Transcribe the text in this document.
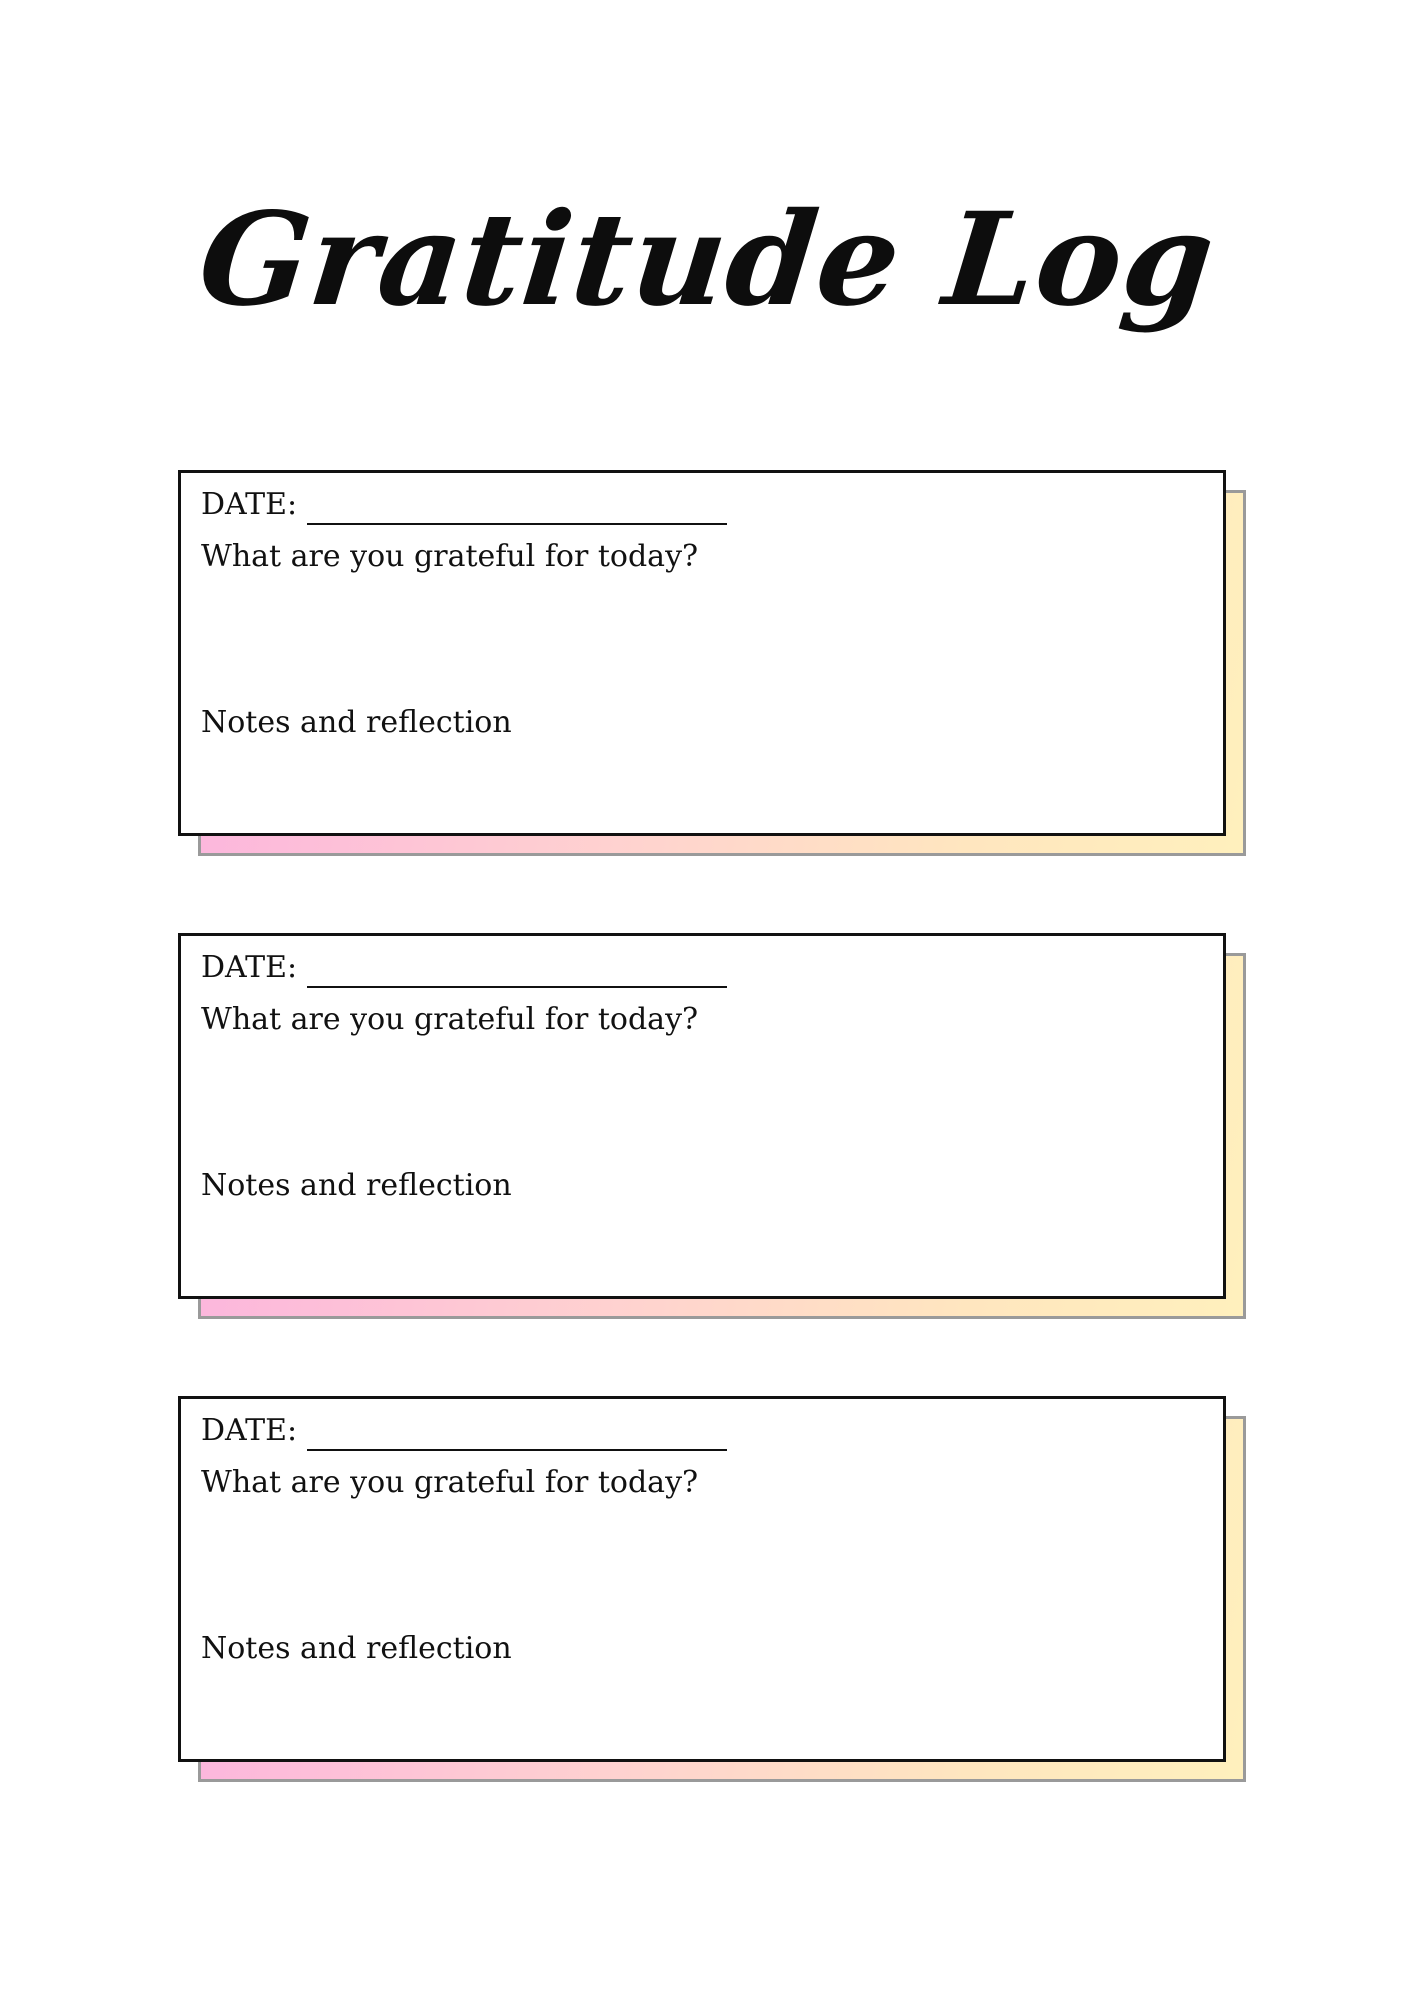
Gratitude Log
DATE:
What are you grateful for today?
Notes and reflection
DATE:
What are you grateful for today?
Notes and reflection
DATE:
What are you grateful for today?
Notes and reflection
